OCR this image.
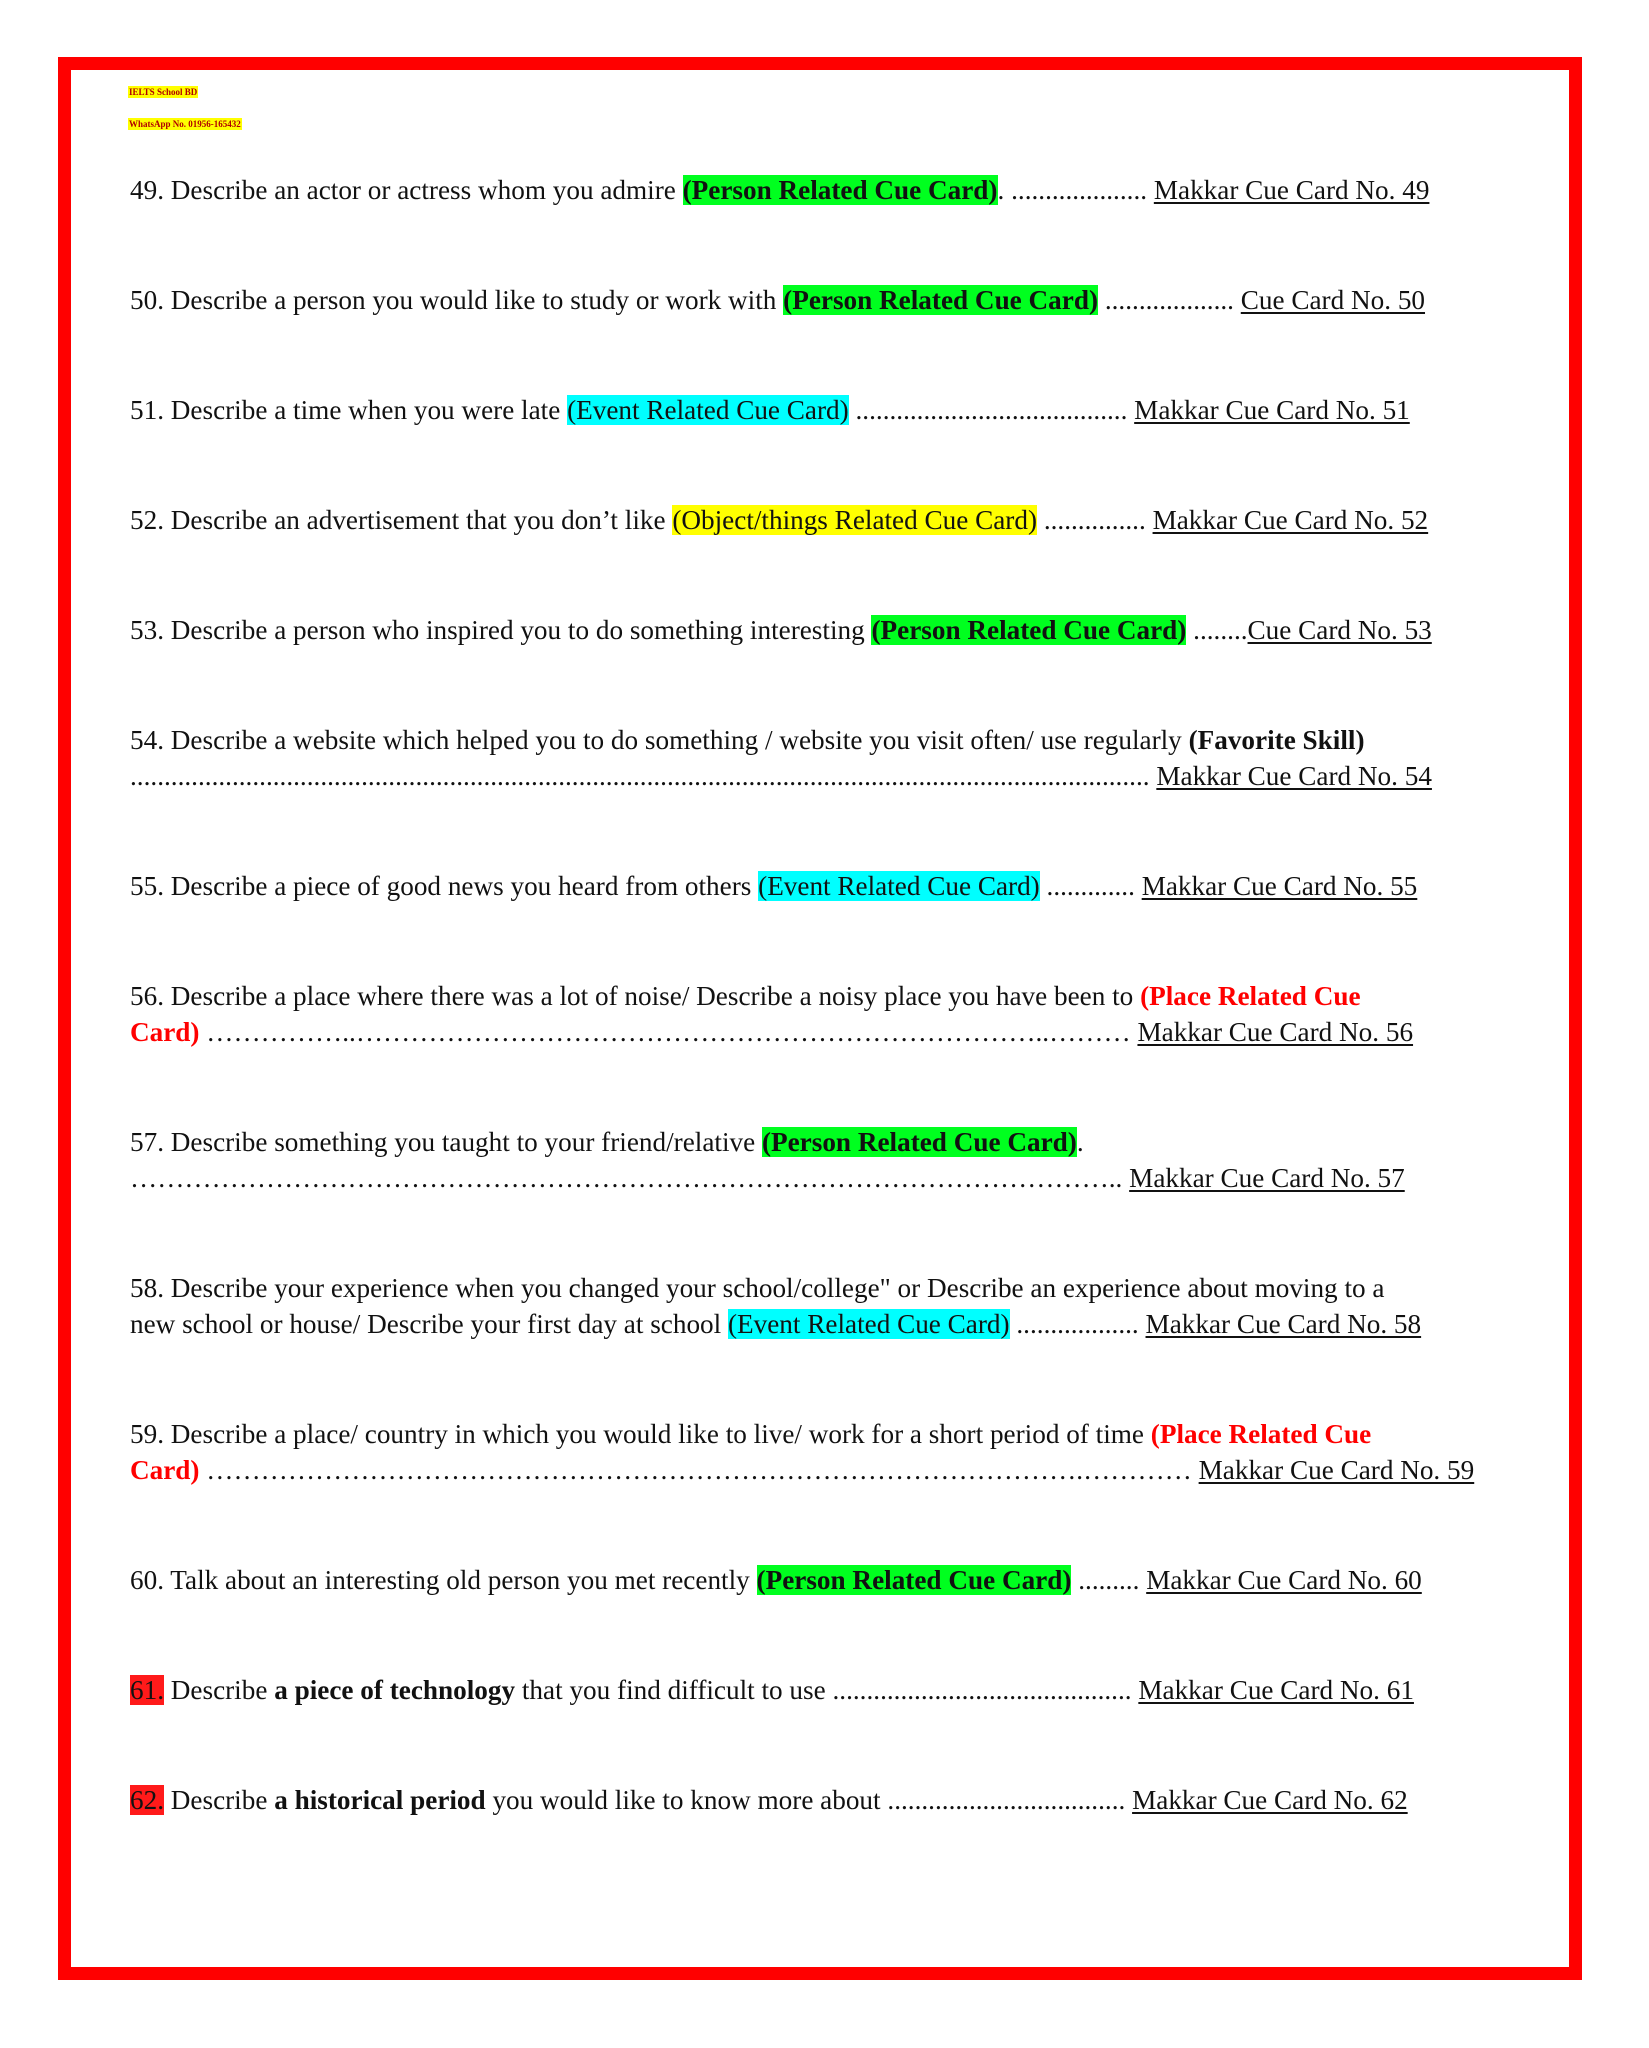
IELTS School BD
WhatsApp No. 01956-165432
49. Describe an actor or actress whom you admire (Person Related Cue Card). .................... Makkar Cue Card No. 49
50. Describe a person you would like to study or work with (Person Related Cue Card) ................... Cue Card No. 50
51. Describe a time when you were late (Event Related Cue Card) ........................................ Makkar Cue Card No. 51
52. Describe an advertisement that you don’t like (Object/things Related Cue Card) ............... Makkar Cue Card No. 52
53. Describe a person who inspired you to do something interesting (Person Related Cue Card) ........Cue Card No. 53
54. Describe a website which helped you to do something / website you visit often/ use regularly (Favorite Skill)
...................................................................................................................................................... Makkar Cue Card No. 54
55. Describe a piece of good news you heard from others (Event Related Cue Card) ............. Makkar Cue Card No. 55
56. Describe a place where there was a lot of noise/ Describe a noisy place you have been to (Place Related Cue
Card) ……………..…………………………………………………………………..……… Makkar Cue Card No. 56
57. Describe something you taught to your friend/relative (Person Related Cue Card).
……………………………………………………………………………………………….. Makkar Cue Card No. 57
58. Describe your experience when you changed your school/college" or Describe an experience about moving to a
new school or house/ Describe your first day at school (Event Related Cue Card) .................. Makkar Cue Card No. 58
59. Describe a place/ country in which you would like to live/ work for a short period of time (Place Related Cue
Card) …………………………………………………………………………………….………… Makkar Cue Card No. 59
60. Talk about an interesting old person you met recently (Person Related Cue Card) ......... Makkar Cue Card No. 60
61. Describe a piece of technology that you find difficult to use ............................................ Makkar Cue Card No. 61
62. Describe a historical period you would like to know more about ................................... Makkar Cue Card No. 62
